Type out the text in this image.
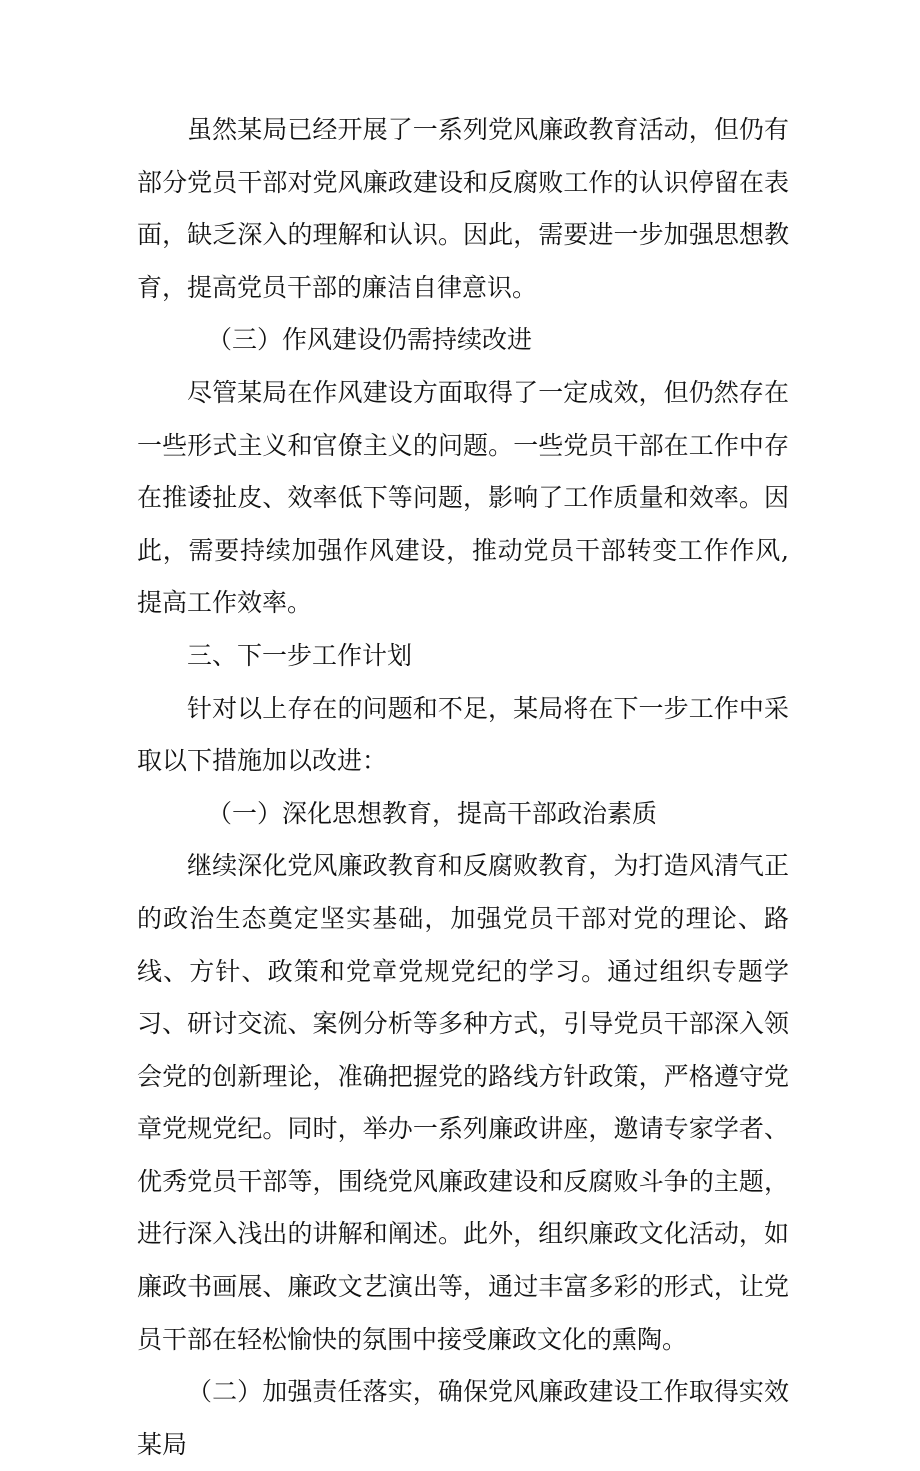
虽然某局已经开展了一系列党风廉政教育活动，但仍有部分党员干部对党风廉政建设和反腐败工作的认识停留在表面，缺乏深入的理解和认识。因此，需要进一步加强思想教育，提高党员干部的廉洁自律意识。

（三）作风建设仍需持续改进

尽管某局在作风建设方面取得了一定成效，但仍然存在一些形式主义和官僚主义的问题。一些党员干部在工作中存在推诿扯皮、效率低下等问题，影响了工作质量和效率。因此，需要持续加强作风建设，推动党员干部转变工作作风,提高工作效率。

三、下一步工作计划

针对以上存在的问题和不足，某局将在下一步工作中采取以下措施加以改进：

（一）深化思想教育，提高干部政治素质

继续深化党风廉政教育和反腐败教育，为打造风清气正的政治生态奠定坚实基础，加强党员干部对党的理论、路线、方针、政策和党章党规党纪的学习。通过组织专题学习、研讨交流、案例分析等多种方式，引导党员干部深入领会党的创新理论，准确把握党的路线方针政策，严格遵守党章党规党纪。同时，举办一系列廉政讲座，邀请专家学者、优秀党员干部等，围绕党风廉政建设和反腐败斗争的主题，进行深入浅出的讲解和阐述。此外，组织廉政文化活动，如廉政书画展、廉政文艺演出等，通过丰富多彩的形式，让党员干部在轻松愉快的氛围中接受廉政文化的熏陶。

（二）加强责任落实，确保党风廉政建设工作取得实效某局
